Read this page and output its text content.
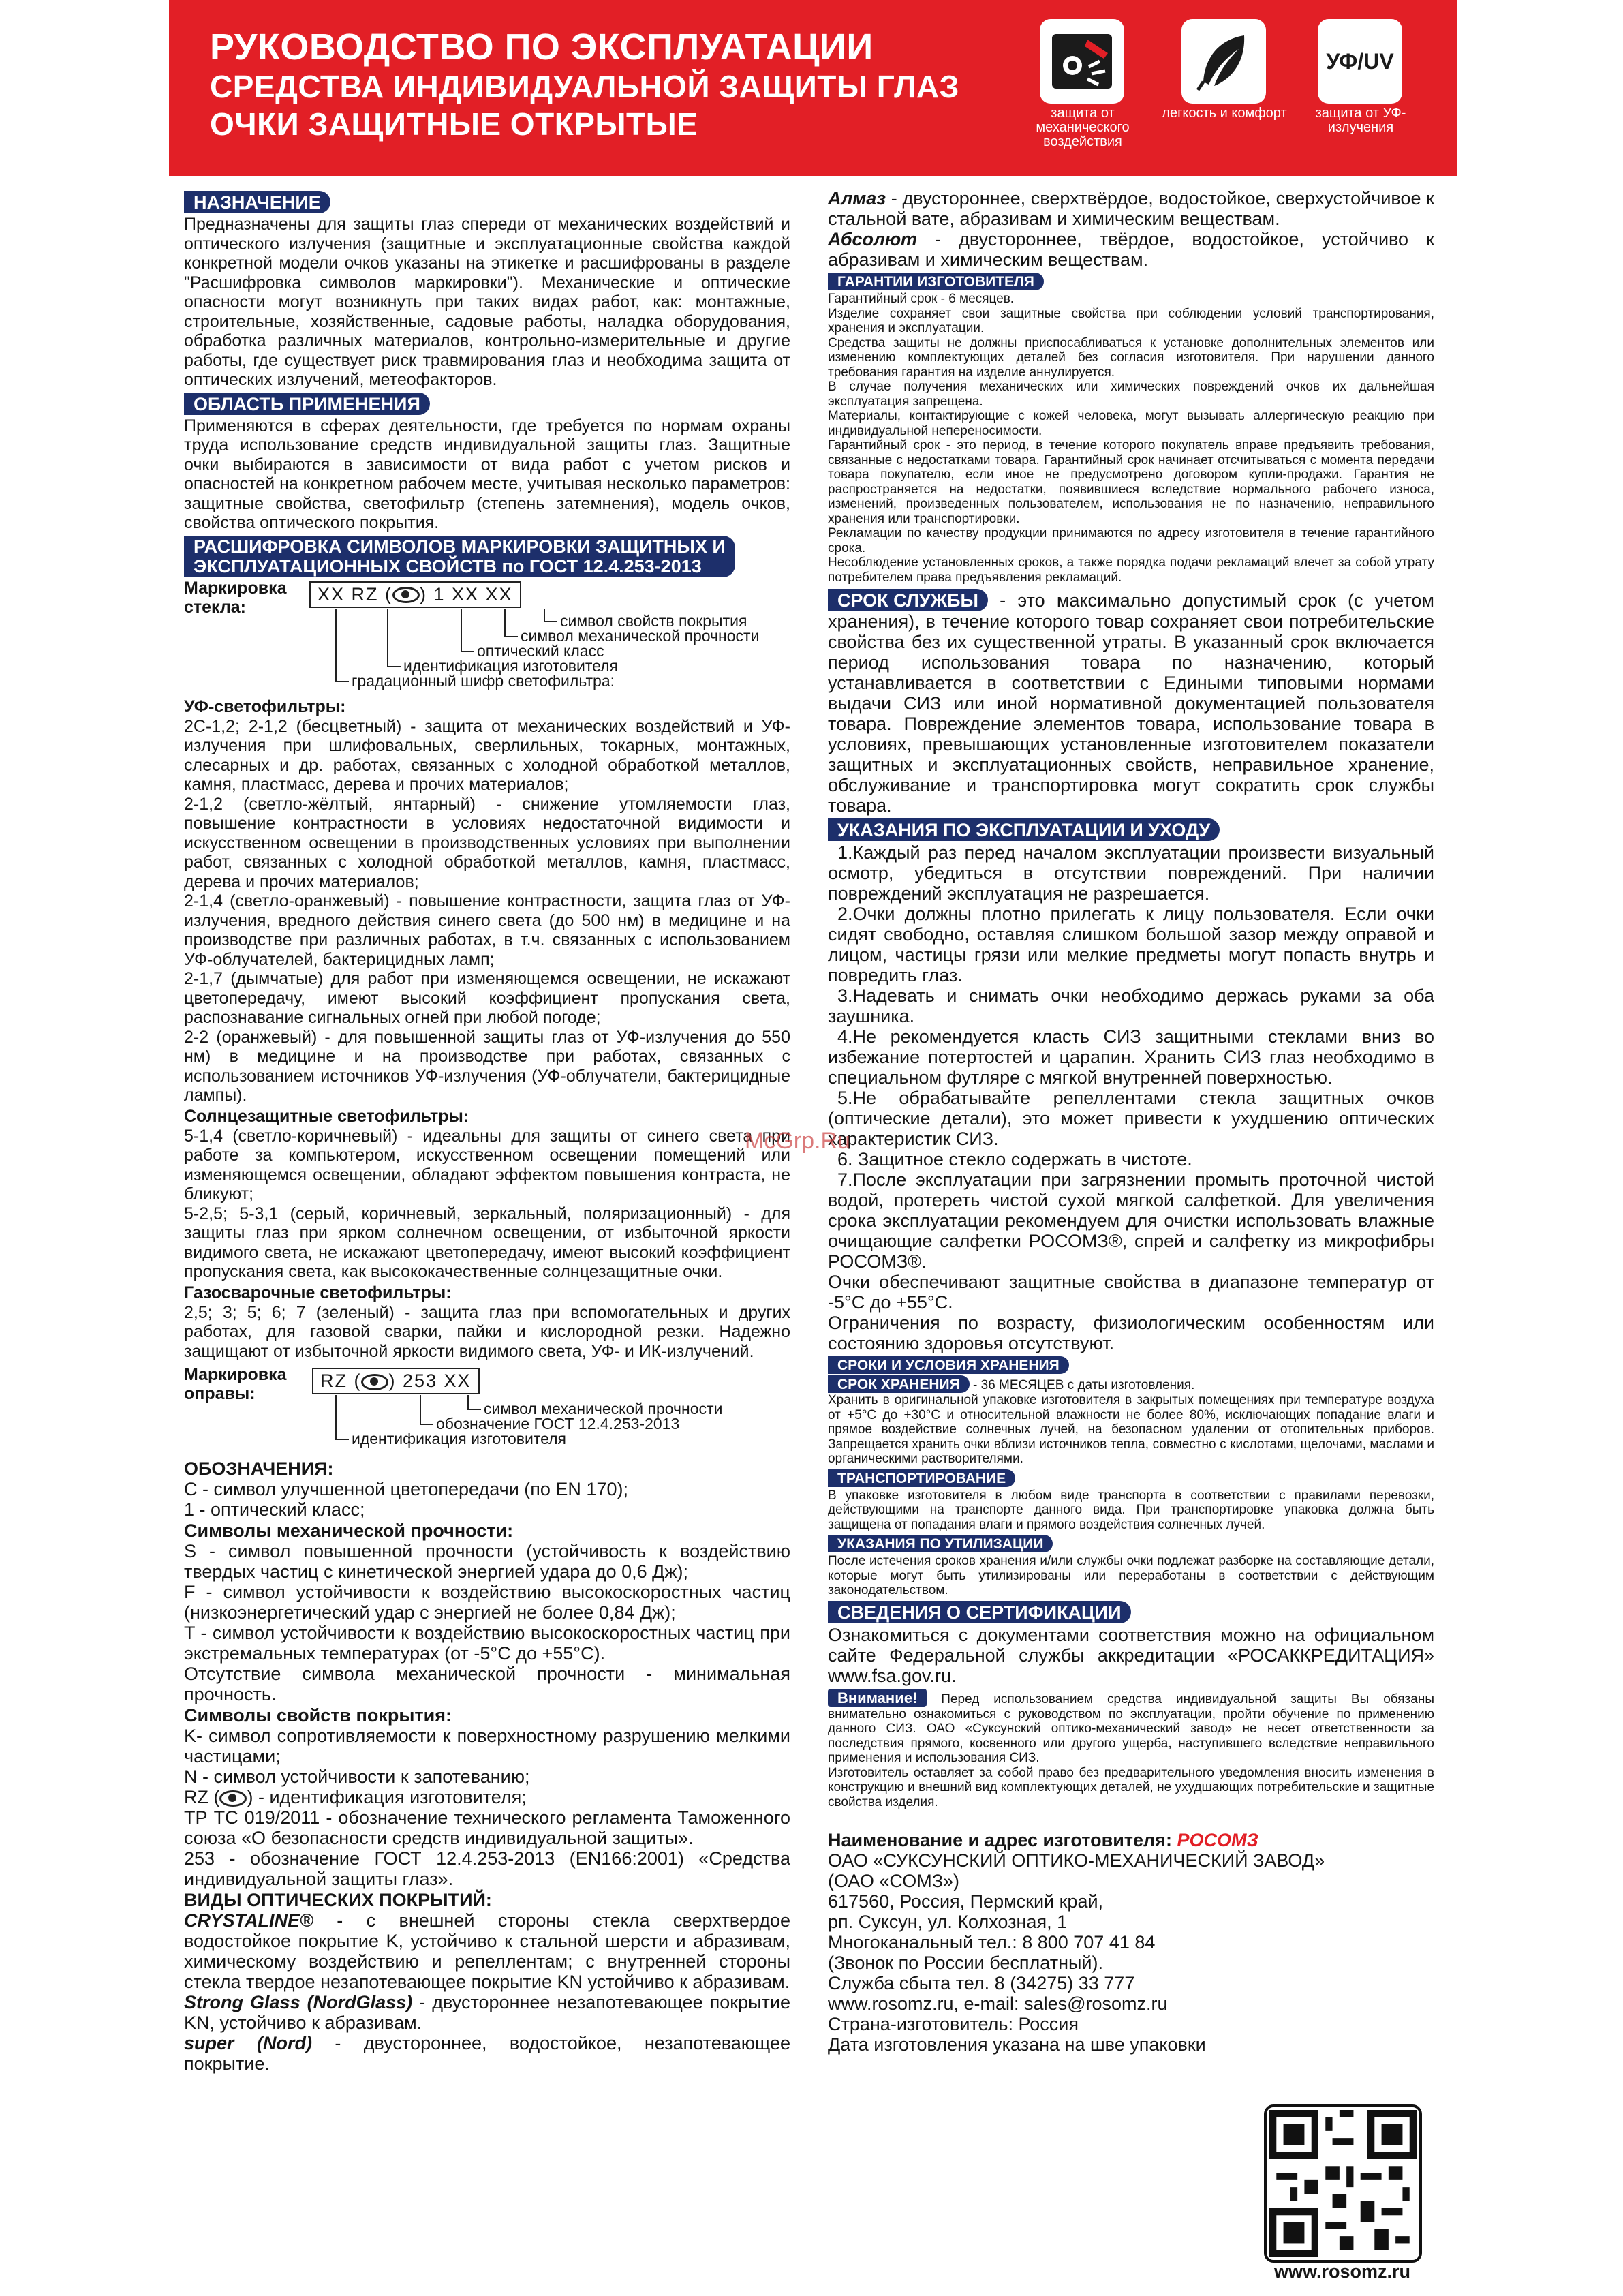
РУКОВОДСТВО ПО ЭКСПЛУАТАЦИИ
СРЕДСТВА ИНДИВИДУАЛЬНОЙ ЗАЩИТЫ ГЛАЗ
ОЧКИ ЗАЩИТНЫЕ ОТКРЫТЫЕ	защита от механического воздействия
легкость и комфорт
УФ/UV
защита от УФ-излучения
НАЗНАЧЕНИЕ

Предназначены для защиты глаз спереди от механических воздействий и оптического излучения (защитные и эксплуатационные свойства каждой конкретной модели очков указаны на этикетке и расшифрованы в разделе "Расшифровка символов маркировки"). Механические и оптические опасности могут возникнуть при таких видах работ, как: монтажные, строительные, хозяйственные, садовые работы, наладка оборудования, обработка различных материалов, контрольно-измерительные и другие работы, где существует риск травмирования глаз и необходима защита от оптических излучений, метеофакторов.

ОБЛАСТЬ ПРИМЕНЕНИЯ

Применяются в сферах деятельности, где требуется по нормам охраны труда использование средств индивидуальной защиты глаз. Защитные очки выбираются в зависимости от вида работ с учетом рисков и опасностей на конкретном рабочем месте, учитывая несколько параметров: защитные свойства, светофильтр (степень затемнения), модель очков, свойства оптического покрытия.

РАСШИФРОВКА СИМВОЛОВ МАРКИРОВКИ ЗАЩИТНЫХ И
ЭКСПЛУАТАЦИОННЫХ СВОЙСТВ по ГОСТ 12.4.253-2013
Маркировка стекла:
XX RZ ( ) 1 XX XX
символ свойств покрытия
символ механической прочности
оптический класс
идентификация изготовителя
градационный шифр светофильтра:
УФ-светофильтры:

2С-1,2; 2-1,2 (бесцветный) - защита от механических воздействий и УФ-излучения при шлифовальных, сверлильных, токарных, монтажных, слесарных и др. работах, связанных с холодной обработкой металлов, камня, пластмасс, дерева и прочих материалов;

2-1,2 (светло-жёлтый, янтарный) - снижение утомляемости глаз, повышение контрастности в условиях недостаточной видимости и искусственном освещении в производственных условиях при выполнении работ, связанных с холодной обработкой металлов, камня, пластмасс, дерева и прочих материалов;

2-1,4 (светло-оранжевый) - повышение контрастности, защита глаз от УФ-излучения, вредного действия синего света (до 500 нм) в медицине и на производстве при различных работах, в т.ч. связанных с использованием УФ-облучателей, бактерицидных ламп;

2-1,7 (дымчатые) для работ при изменяющемся освещении, не искажают цветопередачу, имеют высокий коэффициент пропускания света, распознавание сигнальных огней при любой погоде;

2-2 (оранжевый) - для повышенной защиты глаз от УФ-излучения до 550 нм) в медицине и на производстве при работах, связанных с использованием источников УФ-излучения (УФ-облучатели, бактерицидные лампы).

Солнцезащитные светофильтры:

5-1,4 (светло-коричневый) - идеальны для защиты от синего света при работе за компьютером, искусственном освещении помещений или изменяющемся освещении, обладают эффектом повышения контраста, не бликуют;

5-2,5; 5-3,1 (серый, коричневый, зеркальный, поляризационный) - для защиты глаз при ярком солнечном освещении, от избыточной яркости видимого света, не искажают цветопередачу, имеют высокий коэффициент пропускания света, как высококачественные солнцезащитные очки.

Газосварочные светофильтры:

2,5; 3; 5; 6; 7 (зеленый) - защита глаз при вспомогательных и других работах, для газовой сварки, пайки и кислородной резки. Надежно защищают от избыточной яркости видимого света, УФ- и ИК-излучений.

Маркировка оправы:
RZ ( ) 253 XX
символ механической прочности
обозначение ГОСТ 12.4.253-2013
идентификация изготовителя
ОБОЗНАЧЕНИЯ:

С - символ улучшенной цветопередачи (по EN 170);

1 - оптический класс;

Символы механической прочности:

S - символ повышенной прочности (устойчивость к воздействию твердых частиц с кинетической энергией удара до 0,6 Дж);

F - символ устойчивости к воздействию высокоскоростных частиц (низкоэнергетический удар с энергией не более 0,84 Дж);

T - символ устойчивости к воздействию высокоскоростных частиц при экстремальных температурах (от -5°С до +55°С).

Отсутствие символа механической прочности - минимальная прочность.

Символы свойств покрытия:

K- символ сопротивляемости к поверхностному разрушению мелкими частицами;

N - символ устойчивости к запотеванию;

RZ ( ) - идентификация изготовителя;

ТР ТС 019/2011 - обозначение технического регламента Таможенного союза «О безопасности средств индивидуальной защиты».

253 - обозначение ГОСТ 12.4.253-2013 (EN166:2001) «Средства индивидуальной защиты глаз».

ВИДЫ ОПТИЧЕСКИХ ПОКРЫТИЙ:

CRYSTALINE® - с внешней стороны стекла сверхтвердое водостойкое покрытие K, устойчиво к стальной шерсти и абразивам, химическому воздействию и репеллентам; с внутренней стороны стекла твердое незапотевающее покрытие KN устойчиво к абразивам.

Strong Glass (NordGlass) - двустороннее незапотевающее покрытие KN, устойчиво к абразивам.

super (Nord) - двустороннее, водостойкое, незапотевающее покрытие.

Алмаз - двустороннее, сверхтвёрдое, водостойкое, сверхустойчивое к стальной вате, абразивам и химическим веществам.

Абсолют - двустороннее, твёрдое, водостойкое, устойчиво к абразивам и химическим веществам.

ГАРАНТИИ ИЗГОТОВИТЕЛЯ

Гарантийный срок - 6 месяцев.

Изделие сохраняет свои защитные свойства при соблюдении условий транспортирования, хранения и эксплуатации.

Средства защиты не должны приспосабливаться к установке дополнительных элементов или изменению комплектующих деталей без согласия изготовителя. При нарушении данного требования гарантия на изделие аннулируется.

В случае получения механических или химических повреждений очков их дальнейшая эксплуатация запрещена.

Материалы, контактирующие с кожей человека, могут вызывать аллергическую реакцию при индивидуальной непереносимости.

Гарантийный срок - это период, в течение которого покупатель вправе предъявить требования, связанные с недостатками товара. Гарантийный срок начинает отсчитываться с момента передачи товара покупателю, если иное не предусмотрено договором купли-продажи. Гарантия не распространяется на недостатки, появившиеся вследствие нормального рабочего износа, изменений, произведенных пользователем, использования не по назначению, неправильного хранения или транспортировки.

Рекламации по качеству продукции принимаются по адресу изготовителя в течение гарантийного срока.

Несоблюдение установленных сроков, а также порядка подачи рекламаций влечет за собой утрату потребителем права предъявления рекламаций.

СРОК СЛУЖБЫ - это максимально допустимый срок (с учетом хранения), в течение которого товар сохраняет свои потребительские свойства без их существенной утраты. В указанный срок включается период использования товара по назначению, который устанавливается в соответствии с Едиными типовыми нормами выдачи СИЗ или иной нормативной документацией пользователя товара. Повреждение элементов товара, использование товара в условиях, превышающих установленные изготовителем показатели защитных и эксплуатационных свойств, неправильное хранение, обслуживание и транспортировка могут сократить срок службы товара.

УКАЗАНИЯ ПО ЭКСПЛУАТАЦИИ И УХОДУ

1.Каждый раз перед началом эксплуатации произвести визуальный осмотр, убедиться в отсутствии повреждений. При наличии повреждений эксплуатация не разрешается.

2.Очки должны плотно прилегать к лицу пользователя. Если очки сидят свободно, оставляя слишком большой зазор между оправой и лицом, частицы грязи или мелкие предметы могут попасть внутрь и повредить глаз.

3.Надевать и снимать очки необходимо держась руками за оба заушника.

4.Не рекомендуется класть СИЗ защитными стеклами вниз во избежание потертостей и царапин. Хранить СИЗ глаз необходимо в специальном футляре с мягкой внутренней поверхностью.

5.Не обрабатывайте репеллентами стекла защитных очков (оптические детали), это может привести к ухудшению оптических характеристик СИЗ.

6. Защитное стекло содержать в чистоте.

7.После эксплуатации при загрязнении промыть проточной чистой водой, протереть чистой сухой мягкой салфеткой. Для увеличения срока эксплуатации рекомендуем для очистки использовать влажные очищающие салфетки РОСОМЗ®, спрей и салфетку из микрофибры РОСОМЗ®.

Очки обеспечивают защитные свойства в диапазоне температур от -5°С до +55°С.

Ограничения по возрасту, физиологическим особенностям или состоянию здоровья отсутствуют.

СРОКИ И УСЛОВИЯ ХРАНЕНИЯ

СРОК ХРАНЕНИЯ - 36 МЕСЯЦЕВ с даты изготовления.

Хранить в оригинальной упаковке изготовителя в закрытых помещениях при температуре воздуха от +5°С до +30°С и относительной влажности не более 80%, исключающих попадание влаги и прямое воздействие солнечных лучей, на безопасном удалении от отопительных приборов. Запрещается хранить очки вблизи источников тепла, совместно с кислотами, щелочами, маслами и органическими растворителями.

ТРАНСПОРТИРОВАНИЕ

В упаковке изготовителя в любом виде транспорта в соответствии с правилами перевозки, действующими на транспорте данного вида. При транспортировке упаковка должна быть защищена от попадания влаги и прямого воздействия солнечных лучей.

УКАЗАНИЯ ПО УТИЛИЗАЦИИ

После истечения сроков хранения и/или службы очки подлежат разборке на составляющие детали, которые могут быть утилизированы или переработаны в соответствии с действующим законодательством.

СВЕДЕНИЯ О СЕРТИФИКАЦИИ

Ознакомиться с документами соответствия можно на официальном сайте Федеральной службы аккредитации «РОСАККРЕДИТАЦИЯ» www.fsa.gov.ru.

Внимание! Перед использованием средства индивидуальной защиты Вы обязаны внимательно ознакомиться с руководством по эксплуатации, пройти обучение по применению данного СИЗ. ОАО «Суксунский оптико-механический завод» не несет ответственности за последствия прямого, косвенного или другого ущерба, наступившего вследствие неправильного применения и использования СИЗ.

Изготовитель оставляет за собой право без предварительного уведомления вносить изменения в конструкцию и внешний вид комплектующих деталей, не ухудшающих потребительские и защитные свойства изделия.

Наименование и адрес изготовителя: РОСОМЗ

ОАО «СУКСУНСКИЙ ОПТИКО-МЕХАНИЧЕСКИЙ ЗАВОД»

(ОАО «СОМЗ»)

617560, Россия, Пермский край,

рп. Суксун, ул. Колхозная, 1

Многоканальный тел.: 8 800 707 41 84

(Звонок по России бесплатный).

Служба сбыта тел. 8 (34275) 33 777

www.rosomz.ru, e-mail: sales@rosomz.ru

Страна-изготовитель: Россия

Дата изготовления указана на шве упаковки

www.rosomz.ru
McGrp.Ru
